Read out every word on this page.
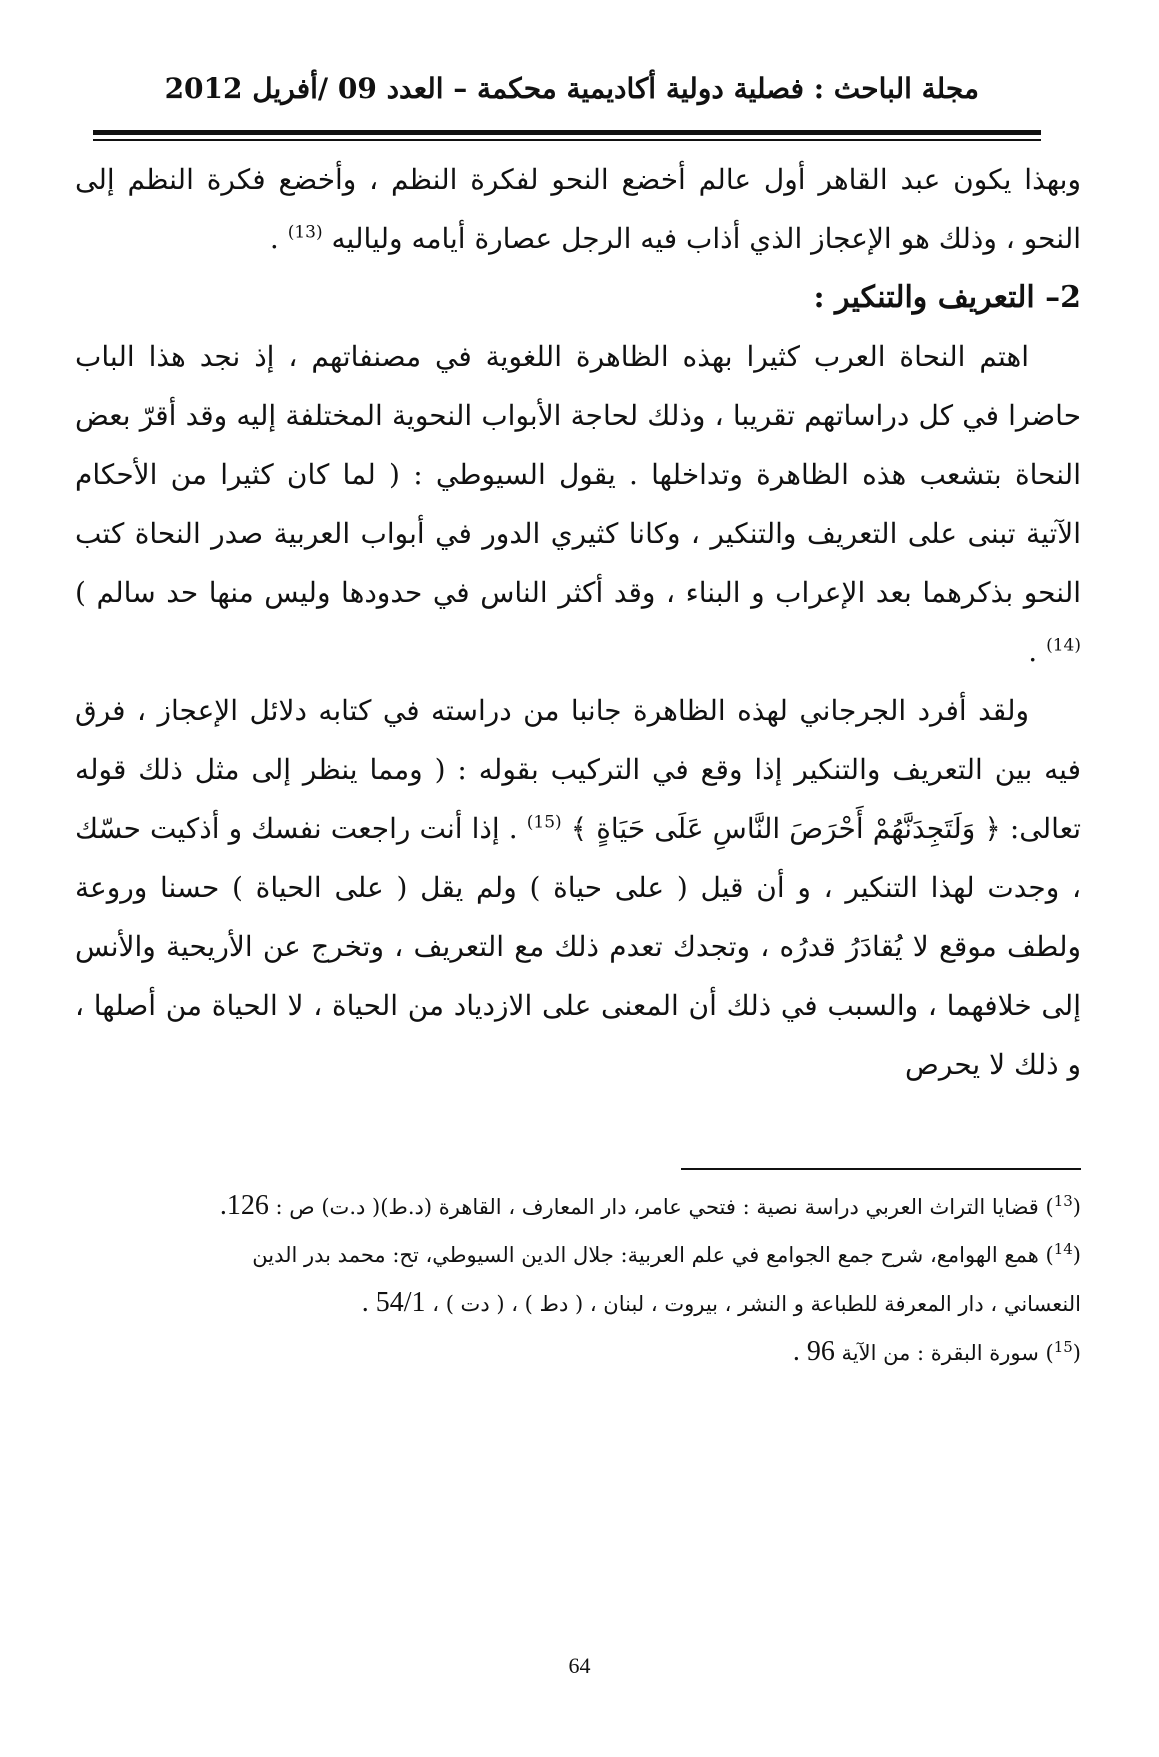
مجلة الباحث : فصلية دولية أكاديمية محكمة – العدد 09 /أفريل 2012

وبهذا يكون عبد القاهر أول عالم أخضع النحو لفكرة النظم ، وأخضع فكرة النظم إلى النحو ، وذلك هو الإعجاز الذي أذاب فيه الرجل عصارة أيامه ولياليه $^{(13)}$ .

2– التعريف والتنكير :

اهتم النحاة العرب كثيرا بهذه الظاهرة اللغوية في مصنفاتهم ، إذ نجد هذا الباب حاضرا في كل دراساتهم تقريبا ، وذلك لحاجة الأبواب النحوية المختلفة إليه وقد أقرّ بعض النحاة بتشعب هذه الظاهرة وتداخلها . يقول السيوطي : ( لما كان كثيرا من الأحكام الآتية تبنى على التعريف والتنكير ، وكانا كثيري الدور في أبواب العربية صدر النحاة كتب النحو بذكرهما بعد الإعراب و البناء ، وقد أكثر الناس في حدودها وليس منها حد سالم ) $^{(14)}$ .

ولقد أفرد الجرجاني لهذه الظاهرة جانبا من دراسته في كتابه دلائل الإعجاز ، فرق فيه بين التعريف والتنكير إذا وقع في التركيب بقوله : ( ومما ينظر إلى مثل ذلك قوله تعالى: ﴿ وَلَتَجِدَنَّهُمْ أَحْرَصَ النَّاسِ عَلَى حَيَاةٍ ﴾ $^{(15)}$ . إذا أنت راجعت نفسك و أذكيت حسّك ، وجدت لهذا التنكير ، و أن قيل ( على حياة ) ولم يقل ( على الحياة ) حسنا وروعة ولطف موقع لا يُقادَرُ قدرُه ، وتجدك تعدم ذلك مع التعريف ، وتخرج عن الأريحية والأنس إلى خلافهما ، والسبب في ذلك أن المعنى على الازدياد من الحياة ، لا الحياة من أصلها ، و ذلك لا يحرص

($^{13}$) قضايا التراث العربي دراسة نصية : فتحي عامر، دار المعارف ، القاهرة (د.ط)( د.ت) ص : 126.

($^{14}$) همع الهوامع، شرح جمع الجوامع في علم العربية: جلال الدين السيوطي، تح: محمد بدر الدين

النعساني ، دار المعرفة للطباعة و النشر ، بيروت ، لبنان ، ( دط ) ، ( دت ) ، 54/1 .

($^{15}$) سورة البقرة : من الآية 96 .

64
